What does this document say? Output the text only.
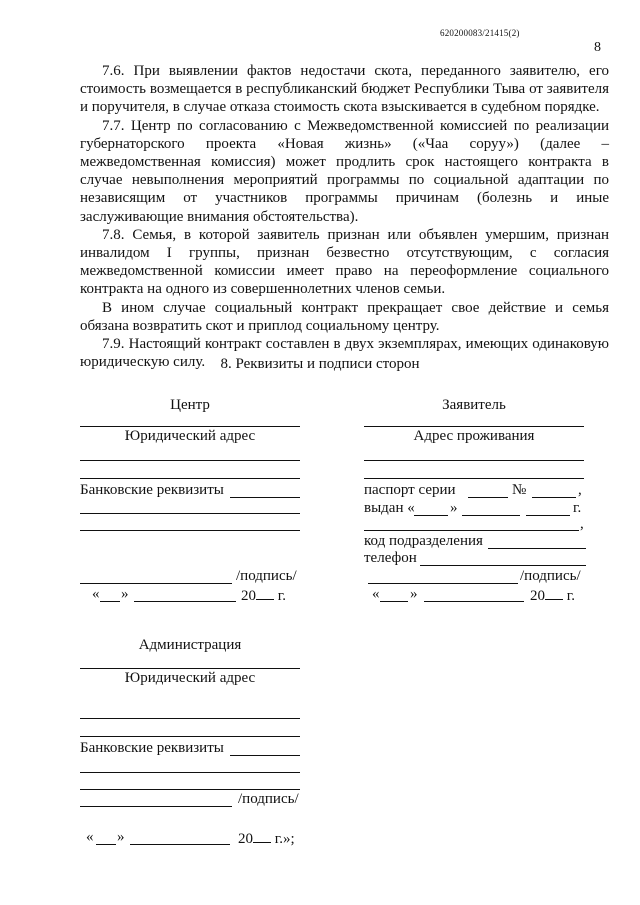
620200083/21415(2)
8

7.6. При выявлении фактов недостачи скота, переданного заявителю, его стоимость возмещается в республиканский бюджет Республики Тыва от заявителя и поручителя, в случае отказа стоимость скота взыскивается в судебном порядке.

7.7. Центр по согласованию с Межведомственной комиссией по реализации губернаторского проекта «Новая жизнь» («Чаа соруу») (далее – межведомственная комиссия) может продлить срок настоящего контракта в случае невыполнения мероприятий программы по социальной адаптации по независящим от участников программы причинам (болезнь и иные заслуживающие внимания обстоятельства).

7.8. Семья, в которой заявитель признан или объявлен умершим, признан инвалидом I группы, признан безвестно отсутствующим, с согласия межведомственной комиссии имеет право на переоформление социального контракта на одного из совершеннолетних членов семьи.

В ином случае социальный контракт прекращает свое действие и семья обязана возвратить скот и приплод социальному центру.

7.9. Настоящий контракт составлен в двух экземплярах, имеющих одинаковую юридическую силу.	8. Реквизиты и подписи сторон
Центр
Юридический адрес
Банковские реквизиты
/подпись/
« »	20 г.
Заявитель
Адрес проживания
паспорт серии	№	,
выдан « »	г.
,
код подразделения
телефон
/подпись/
« »	20 г.
Администрация
Юридический адрес
Банковские реквизиты
/подпись/
« »	20 г.»;
